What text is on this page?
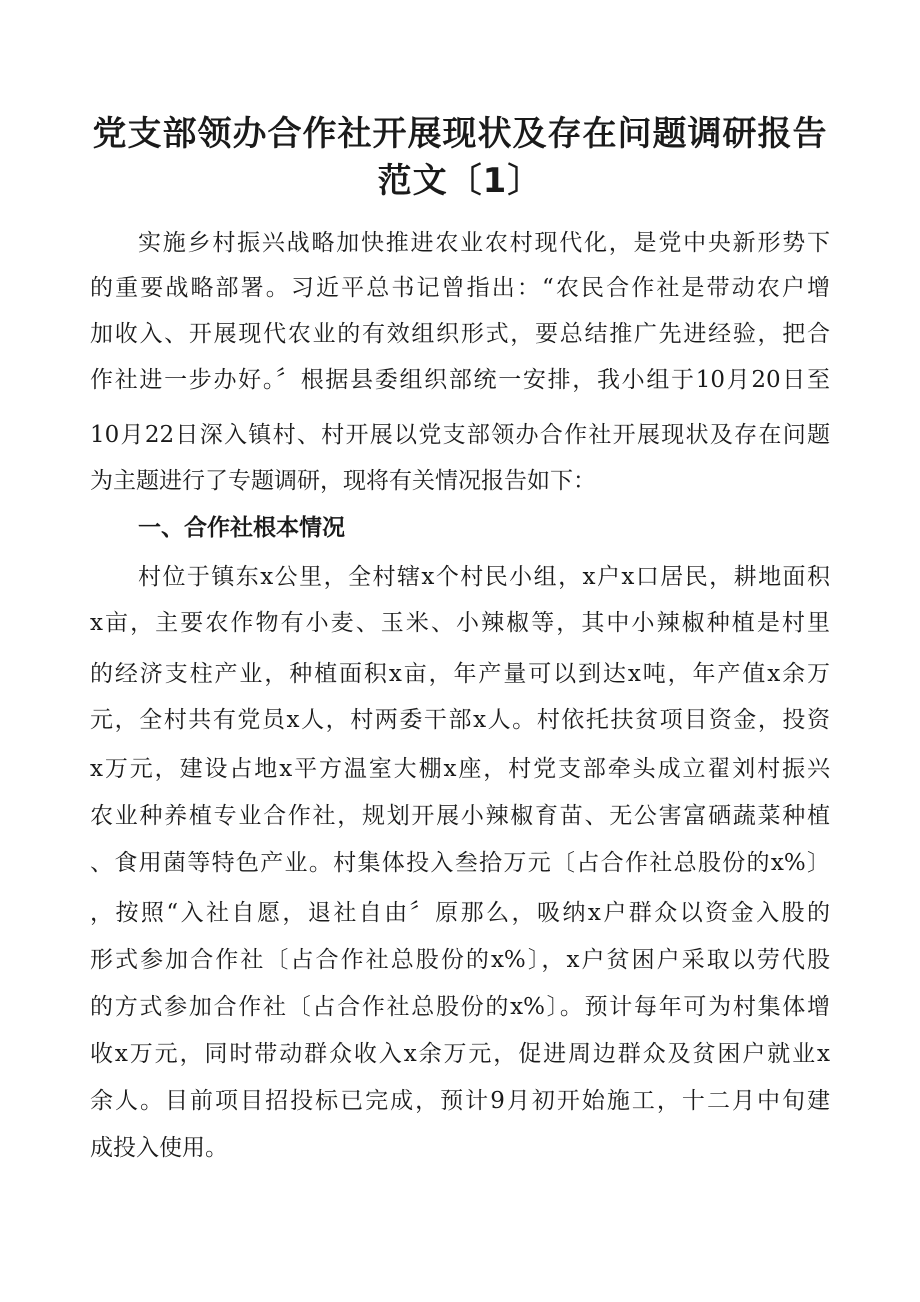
党支部领办合作社开展现状及存在问题调研报告
范文〔1〕
实施乡村振兴战略加快推进农业农村现代化，是党中央新形势下
的重要战略部署。习近平总书记曾指出：“农民合作社是带动农户增
加收入、开展现代农业的有效组织形式，要总结推广先进经验，把合
作社进一步办好。〞根据县委组织部统一安排，我小组于10月20日至
10月22日深入镇村、村开展以党支部领办合作社开展现状及存在问题
为主题进行了专题调研，现将有关情况报告如下：
一、合作社根本情况
村位于镇东x公里，全村辖x个村民小组，x户x口居民，耕地面积
x亩，主要农作物有小麦、玉米、小辣椒等，其中小辣椒种植是村里
的经济支柱产业，种植面积x亩，年产量可以到达x吨，年产值x余万
元，全村共有党员x人，村两委干部x人。村依托扶贫项目资金，投资
x万元，建设占地x平方温室大棚x座，村党支部牵头成立翟刘村振兴
农业种养植专业合作社，规划开展小辣椒育苗、无公害富硒蔬菜种植
、食用菌等特色产业。村集体投入叁拾万元〔占合作社总股份的x%〕
，按照“入社自愿，退社自由〞原那么，吸纳x户群众以资金入股的
形式参加合作社〔占合作社总股份的x%〕，x户贫困户采取以劳代股
的方式参加合作社〔占合作社总股份的x%〕。预计每年可为村集体增
收x万元，同时带动群众收入x余万元，促进周边群众及贫困户就业x
余人。目前项目招投标已完成，预计9月初开始施工，十二月中旬建
成投入使用。
